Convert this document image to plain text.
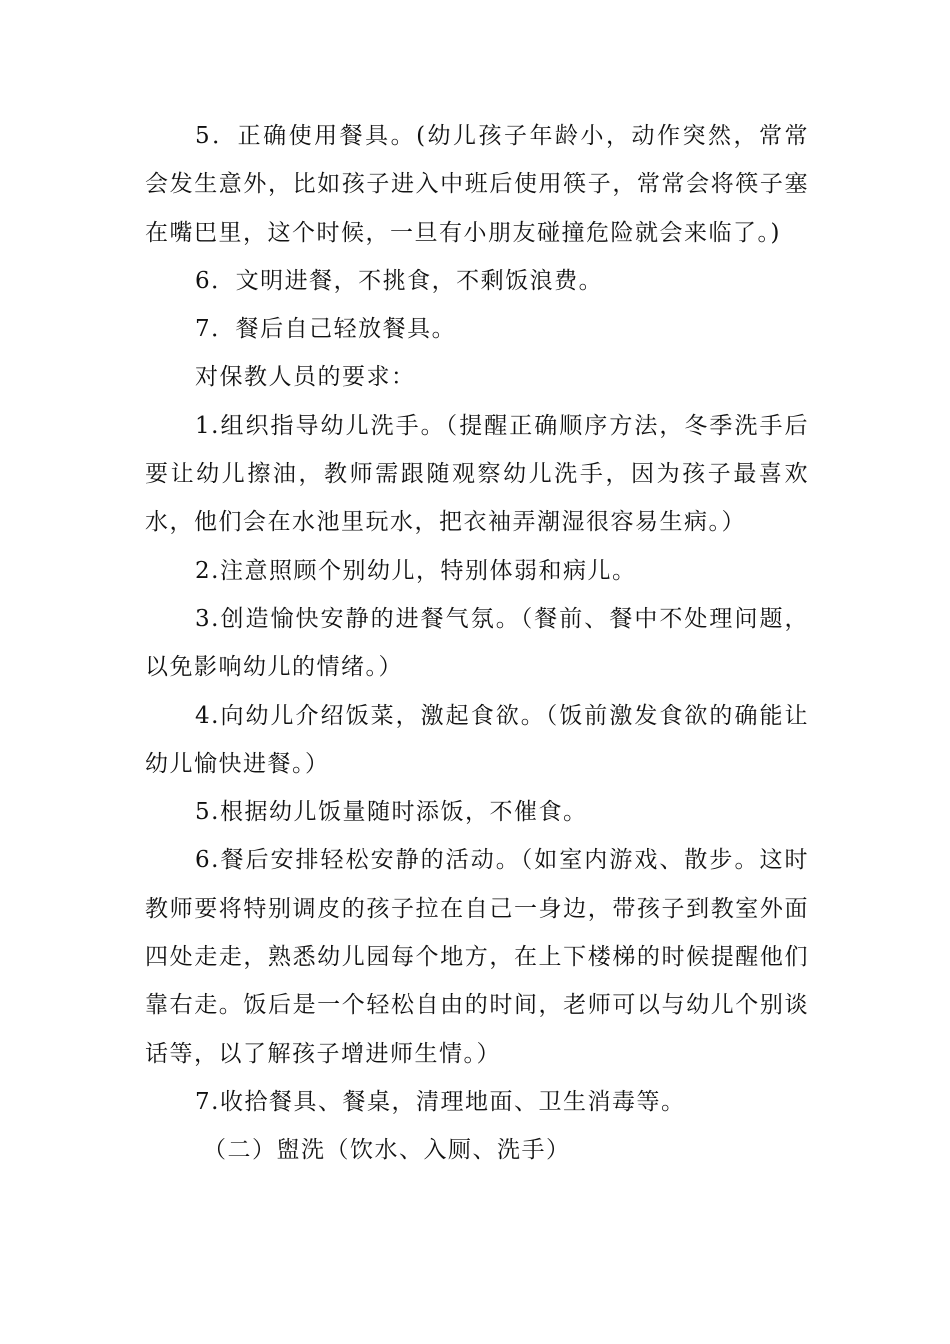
5．正确使用餐具。(幼儿孩子年龄小，动作突然，常常会发生意外，比如孩子进入中班后使用筷子，常常会将筷子塞在嘴巴里，这个时候，一旦有小朋友碰撞危险就会来临了。)

6．文明进餐，不挑食，不剩饭浪费。

7．餐后自己轻放餐具。

对保教人员的要求：

1.组织指导幼儿洗手。（提醒正确顺序方法，冬季洗手后要让幼儿擦油，教师需跟随观察幼儿洗手，因为孩子最喜欢水，他们会在水池里玩水，把衣袖弄潮湿很容易生病。）

2.注意照顾个别幼儿，特别体弱和病儿。

3.创造愉快安静的进餐气氛。（餐前、餐中不处理问题，以免影响幼儿的情绪。）

4.向幼儿介绍饭菜，激起食欲。（饭前激发食欲的确能让幼儿愉快进餐。）

5.根据幼儿饭量随时添饭，不催食。

6.餐后安排轻松安静的活动。（如室内游戏、散步。这时教师要将特别调皮的孩子拉在自己一身边，带孩子到教室外面四处走走，熟悉幼儿园每个地方，在上下楼梯的时候提醒他们靠右走。饭后是一个轻松自由的时间，老师可以与幼儿个别谈话等，以了解孩子增进师生情。）

7.收拾餐具、餐桌，清理地面、卫生消毒等。

（二）盥洗（饮水、入厕、洗手）
